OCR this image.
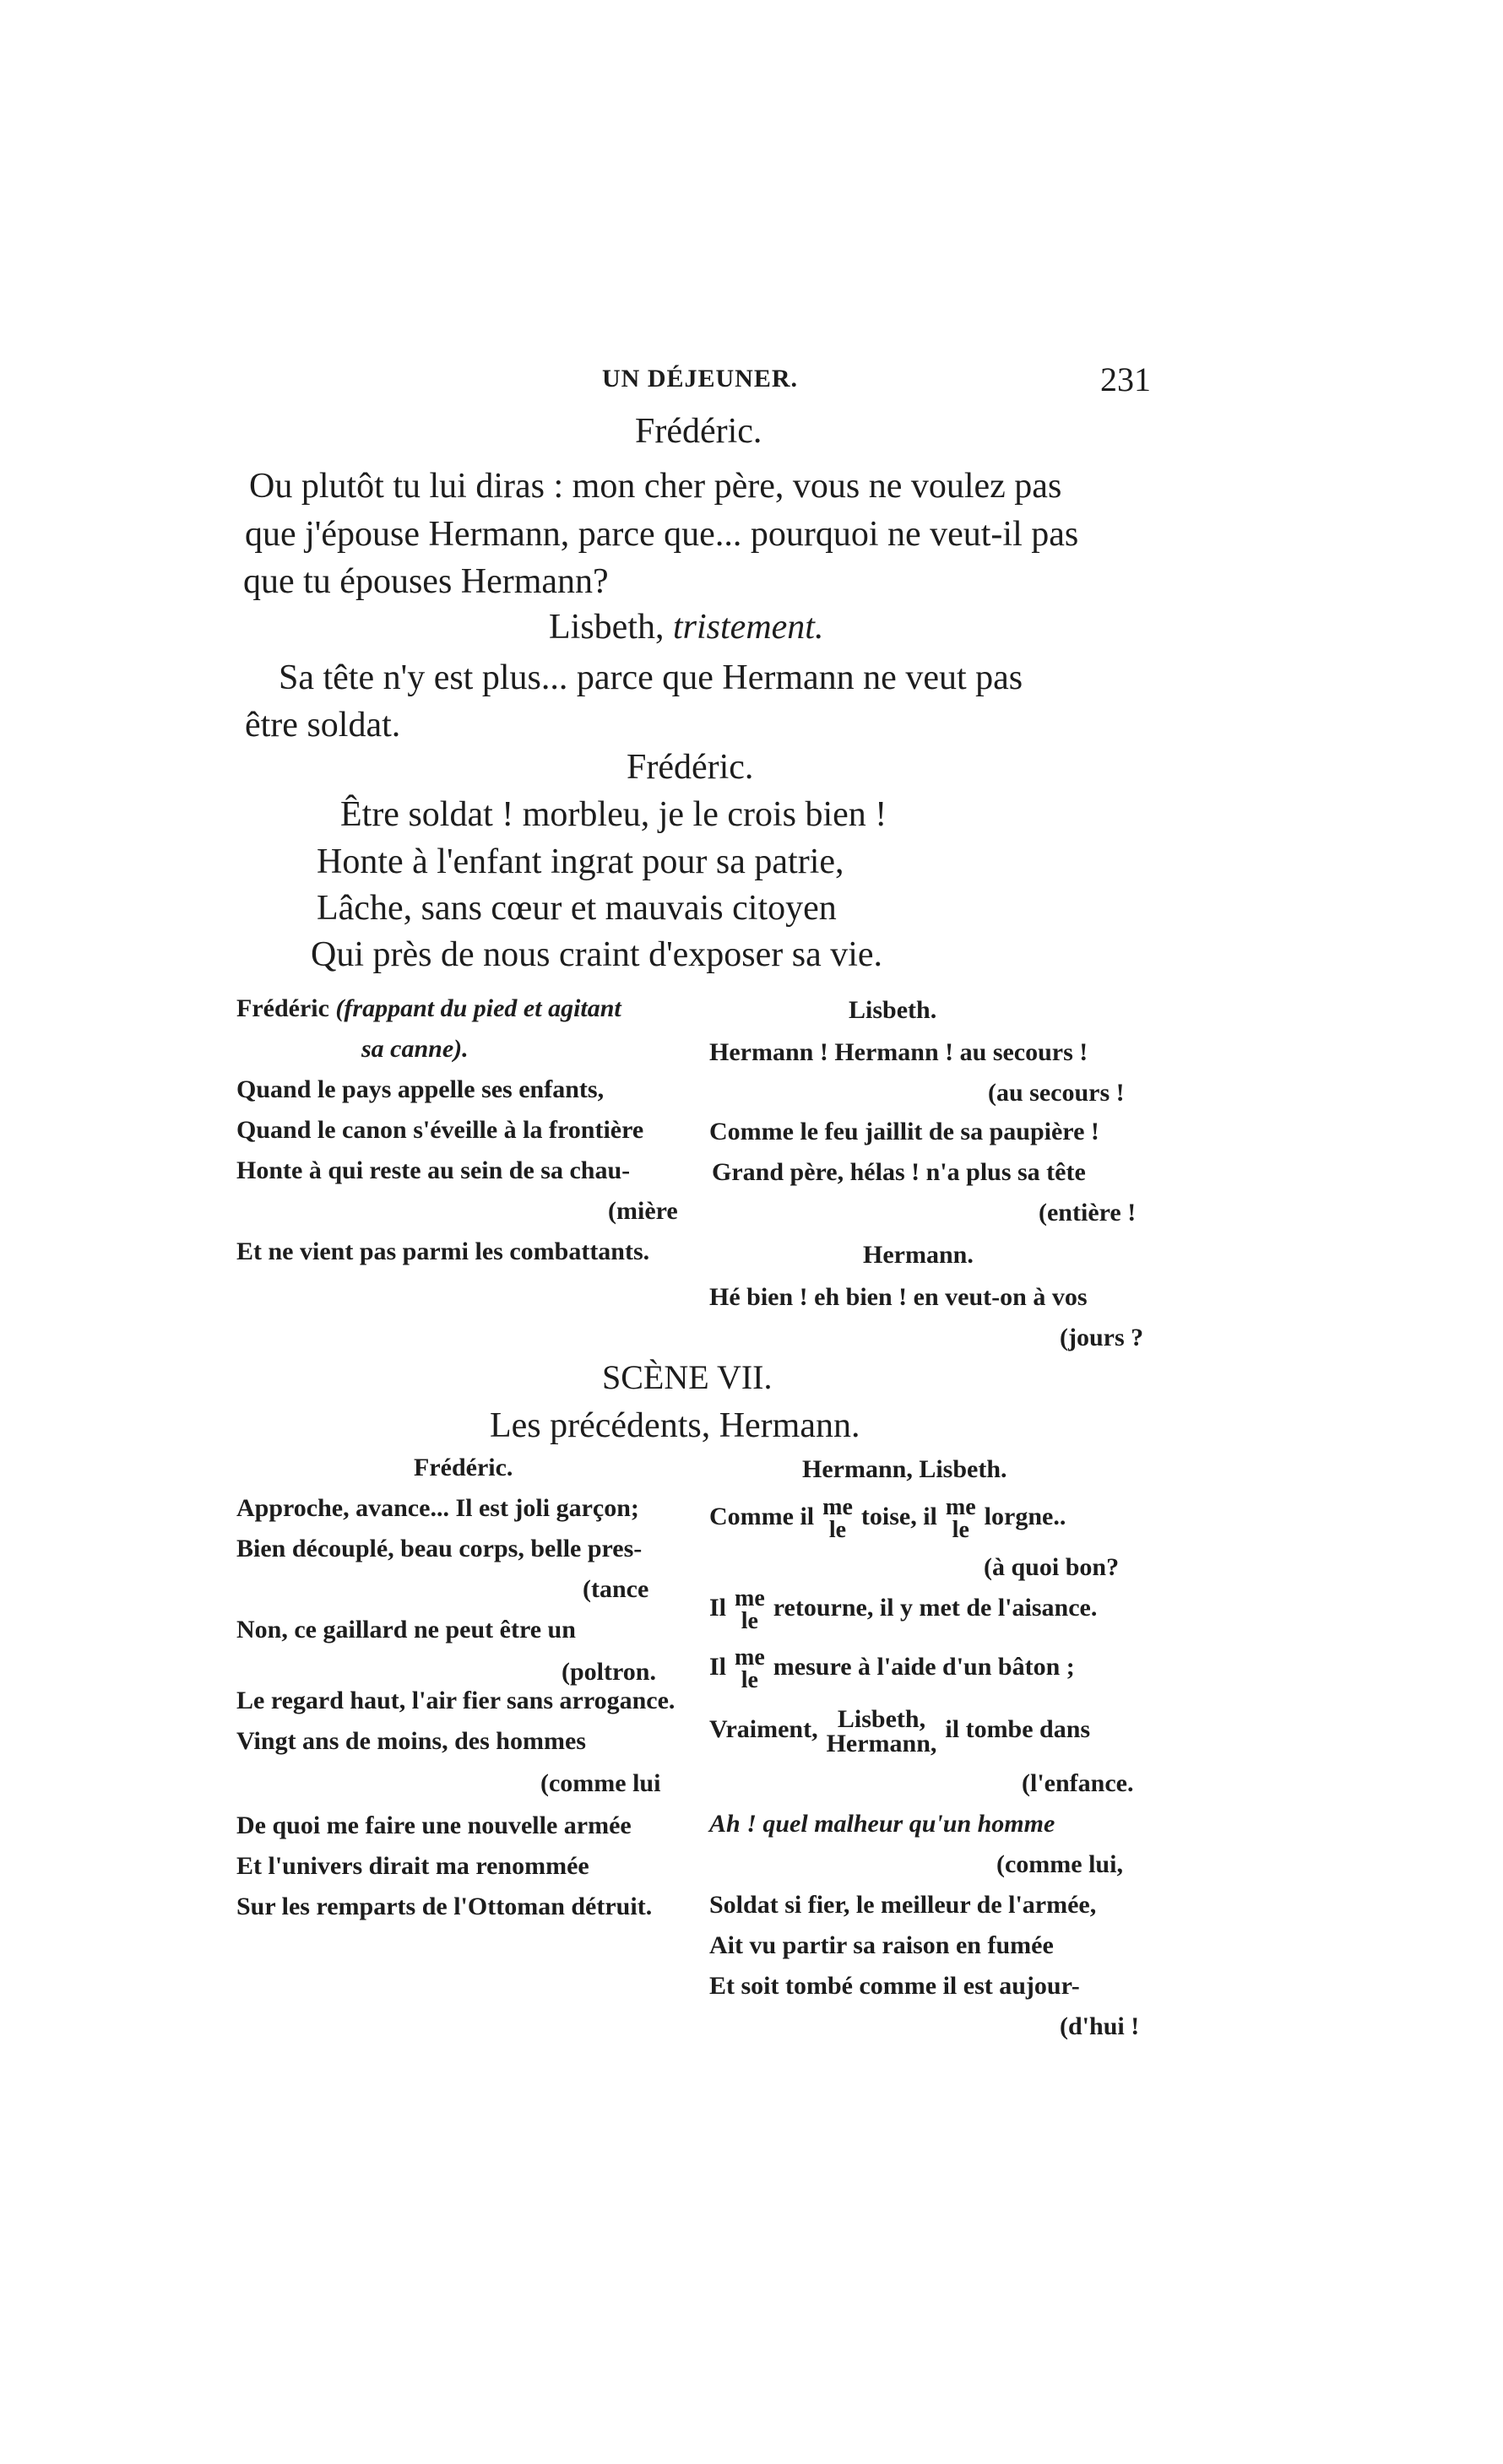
UN DÉJEUNER.	231
Frédéric.
Ou plutôt tu lui diras : mon cher père, vous ne voulez pas
que j'épouse Hermann, parce que... pourquoi ne veut-il pas
que tu épouses Hermann?
Lisbeth, tristement.
Sa tête n'y est plus... parce que Hermann ne veut pas
être soldat.
Frédéric.
Être soldat ! morbleu, je le crois bien !
Honte à l'enfant ingrat pour sa patrie,
Lâche, sans cœur et mauvais citoyen
Qui près de nous craint d'exposer sa vie.
Frédéric (frappant du pied et agitant
sa canne).
Quand le pays appelle ses enfants,
Quand le canon s'éveille à la frontière
Honte à qui reste au sein de sa chau-
(mière
Et ne vient pas parmi les combattants.
Lisbeth.
Hermann ! Hermann ! au secours !
(au secours !
Comme le feu jaillit de sa paupière !
Grand père, hélas ! n'a plus sa tête
(entière !
Hermann.
Hé bien ! eh bien ! en veut-on à vos
(jours ?
SCÈNE VII.
Les précédents, Hermann.
Frédéric.
Approche, avance... Il est joli garçon;
Bien découplé, beau corps, belle pres-
(tance
Non, ce gaillard ne peut être un
(poltron.
Le regard haut, l'air fier sans arrogance.
Vingt ans de moins, des hommes
(comme lui
De quoi me faire une nouvelle armée
Et l'univers dirait ma renommée
Sur les remparts de l'Ottoman détruit.
Hermann, Lisbeth.
Comme il me
le toise, il me
le lorgne..
(à quoi bon?
Il me
le retourne, il y met de l'aisance.
Il me
le mesure à l'aide d'un bâton ;
Vraiment, Lisbeth,
Hermann,
il tombe dans
(l'enfance.
Ah ! quel malheur qu'un homme
(comme lui,
Soldat si fier, le meilleur de l'armée,
Ait vu partir sa raison en fumée
Et soit tombé comme il est aujour-
(d'hui !
